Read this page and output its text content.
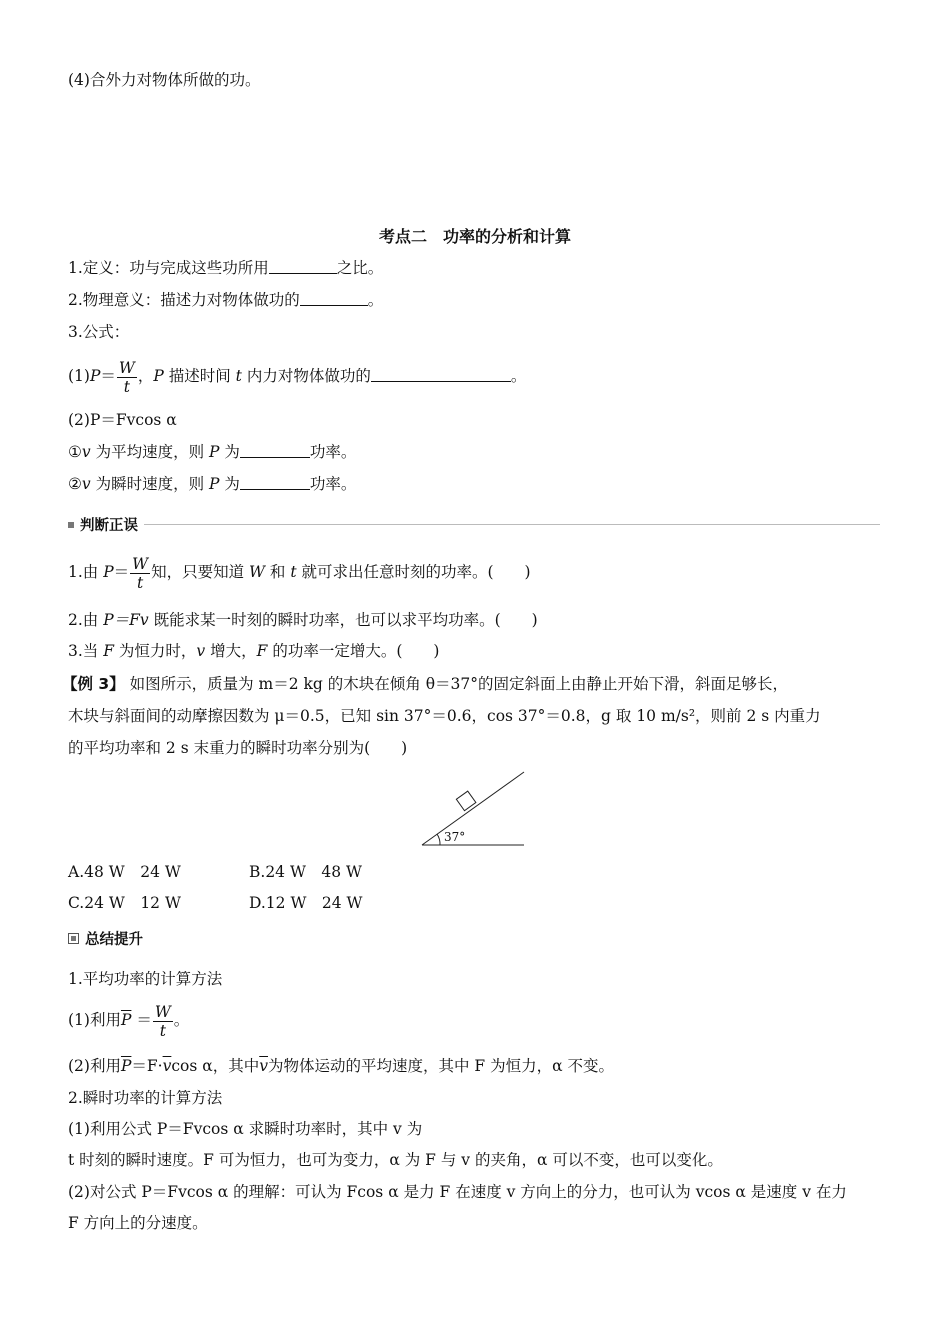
(4)合外力对物体所做的功。
考点二　功率的分析和计算
1.定义：功与完成这些功所用	之比。
2.物理意义：描述力对物体做功的	。
3.公式：
$(1)P= \frac{W}{t}$ ，P 描述时间 t 内力对物体做功的	。
(2)P＝Fvcos α
①v 为平均速度，则 P 为	功率。
②v 为瞬时速度，则 P 为	功率。
判断正误
1.由 $P= \frac{W}{t}$ 知，只要知道 W 和 t 就可求出任意时刻的功率。(　　)
2.由 P＝Fv 既能求某一时刻的瞬时功率，也可以求平均功率。(　　)
3.当 F 为恒力时，v 增大，F 的功率一定增大。(　　)
【例 3】 如图所示，质量为 m＝2 kg 的木块在倾角 θ＝37°的固定斜面上由静止开始下滑，斜面足够长，
木块与斜面间的动摩擦因数为 μ＝0.5，已知 sin 37°＝0.6，cos 37°＝0.8，g 取 10 m/s²，则前 2 s 内重力
的平均功率和 2 s 末重力的瞬时功率分别为(　　)
37°
A.48 W　24 W	B.24 W　48 W
C.24 W　12 W	D.12 W　24 W
总结提升
1.平均功率的计算方法
(1)利用$\overline{P} = \frac{W}{t}$ 。
(2)利用$\overline{P}=F\cdot\overline{v}\cos$ α，其中$\overline{v}$为物体运动的平均速度，其中 F 为恒力，α 不变。
2.瞬时功率的计算方法
(1)利用公式 P＝Fvcos α 求瞬时功率时，其中 v 为
t 时刻的瞬时速度。F 可为恒力，也可为变力，α 为 F 与 v 的夹角，α 可以不变，也可以变化。
(2)对公式 P＝Fvcos α 的理解：可认为 Fcos α 是力 F 在速度 v 方向上的分力，也可认为 vcos α 是速度 v 在力
F 方向上的分速度。
